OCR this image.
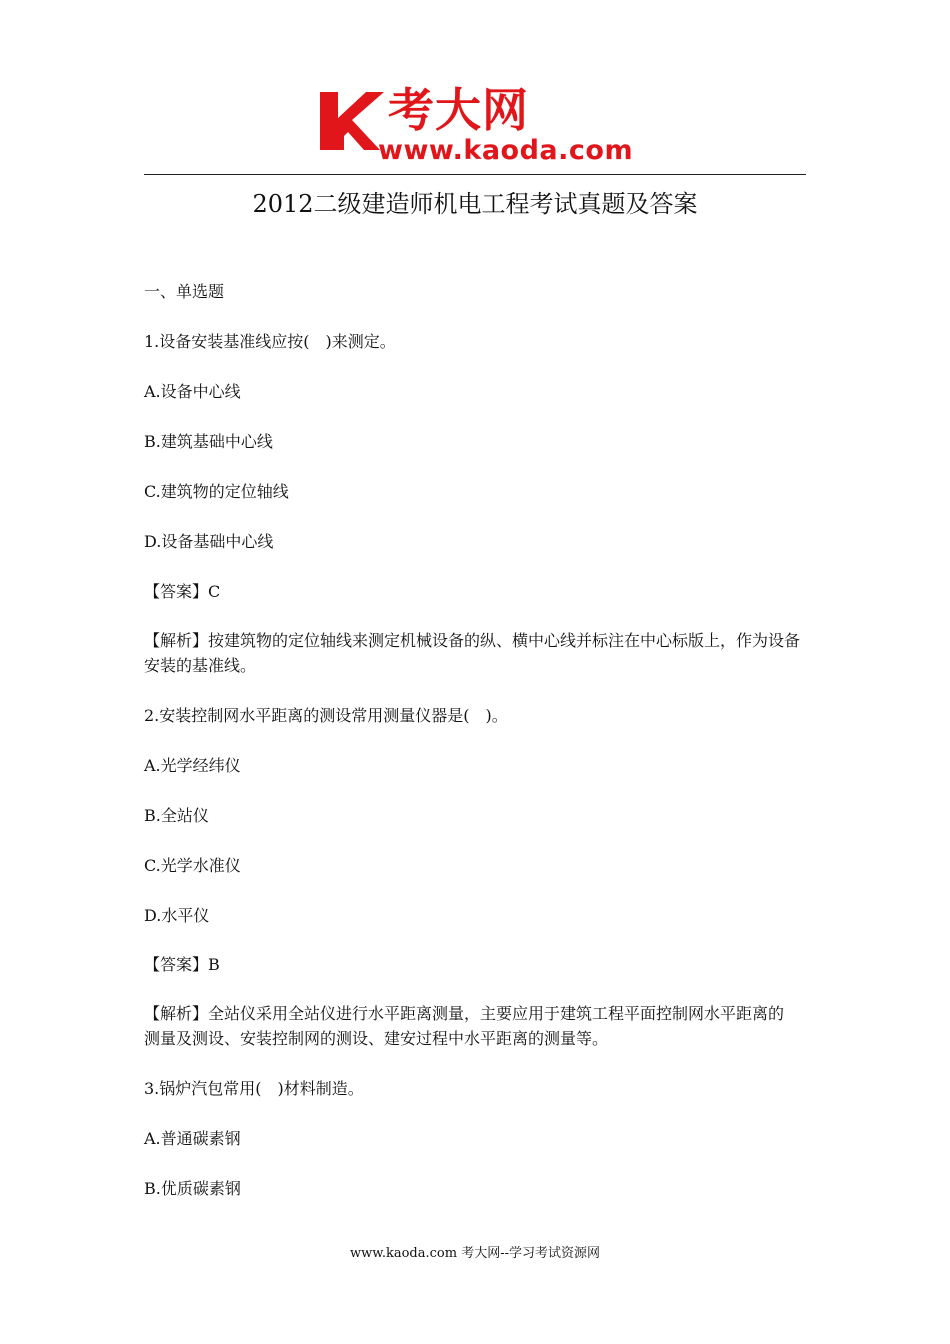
考大网
www.kaoda.com
2012二级建造师机电工程考试真题及答案
一、单选题
1.设备安装基准线应按(　)来测定。
A.设备中心线
B.建筑基础中心线
C.建筑物的定位轴线
D.设备基础中心线
【答案】C
【解析】按建筑物的定位轴线来测定机械设备的纵、横中心线并标注在中心标版上，作为设备
安装的基准线。
2.安装控制网水平距离的测设常用测量仪器是(　)。
A.光学经纬仪
B.全站仪
C.光学水准仪
D.水平仪
【答案】B
【解析】全站仪采用全站仪进行水平距离测量，主要应用于建筑工程平面控制网水平距离的
测量及测设、安装控制网的测设、建安过程中水平距离的测量等。
3.锅炉汽包常用(　)材料制造。
A.普通碳素钢
B.优质碳素钢
www.kaoda.com 考大网--学习考试资源网
